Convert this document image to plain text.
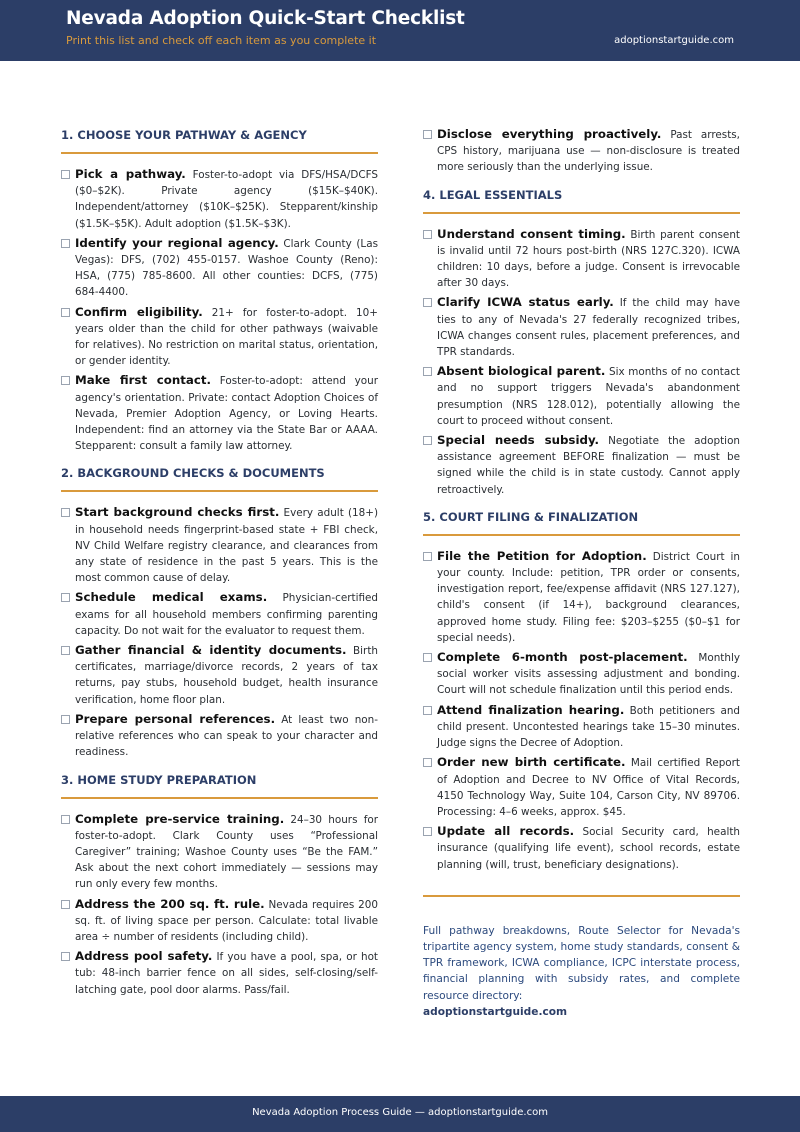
Nevada Adoption Quick-Start Checklist
Print this list and check off each item as you complete it	adoptionstartguide.com
1. CHOOSE YOUR PATHWAY & AGENCY
Pick a pathway. Foster-to-adopt via DFS/HSA/DCFS ($0–$2K). Private agency ($15K–$40K). Independent/attorney ($10K–$25K). Stepparent/kinship ($1.5K–$5K). Adult adoption ($1.5K–$3K).
Identify your regional agency. Clark County (Las Vegas): DFS, (702) 455-0157. Washoe County (Reno): HSA, (775) 785-8600. All other counties: DCFS, (775) 684-4400.
Confirm eligibility. 21+ for foster-to-adopt. 10+ years older than the child for other pathways (waivable for relatives). No restriction on marital status, orientation, or gender identity.
Make first contact. Foster-to-adopt: attend your agency's orientation. Private: contact Adoption Choices of Nevada, Premier Adoption Agency, or Loving Hearts. Independent: find an attorney via the State Bar or AAAA. Stepparent: consult a family law attorney.
2. BACKGROUND CHECKS & DOCUMENTS
Start background checks first. Every adult (18+) in household needs fingerprint-based state + FBI check, NV Child Welfare registry clearance, and clearances from any state of residence in the past 5 years. This is the most common cause of delay.
Schedule medical exams. Physician-certified exams for all household members confirming parenting capacity. Do not wait for the evaluator to request them.
Gather financial & identity documents. Birth certificates, marriage/divorce records, 2 years of tax returns, pay stubs, household budget, health insurance verification, home floor plan.
Prepare personal references. At least two non-relative references who can speak to your character and readiness.
3. HOME STUDY PREPARATION
Complete pre-service training. 24–30 hours for foster-to-adopt. Clark County uses “Professional Caregiver” training; Washoe County uses “Be the FAM.” Ask about the next cohort immediately — sessions may run only every few months.
Address the 200 sq. ft. rule. Nevada requires 200 sq. ft. of living space per person. Calculate: total livable area ÷ number of residents (including child).
Address pool safety. If you have a pool, spa, or hot tub: 48-inch barrier fence on all sides, self-closing/self-latching gate, pool door alarms. Pass/fail.
Disclose everything proactively. Past arrests, CPS history, marijuana use — non-disclosure is treated more seriously than the underlying issue.
4. LEGAL ESSENTIALS
Understand consent timing. Birth parent consent is invalid until 72 hours post-birth (NRS 127C.320). ICWA children: 10 days, before a judge. Consent is irrevocable after 30 days.
Clarify ICWA status early. If the child may have ties to any of Nevada's 27 federally recognized tribes, ICWA changes consent rules, placement preferences, and TPR standards.
Absent biological parent. Six months of no contact and no support triggers Nevada's abandonment presumption (NRS 128.012), potentially allowing the court to proceed without consent.
Special needs subsidy. Negotiate the adoption assistance agreement BEFORE finalization — must be signed while the child is in state custody. Cannot apply retroactively.
5. COURT FILING & FINALIZATION
File the Petition for Adoption. District Court in your county. Include: petition, TPR order or consents, investigation report, fee/expense affidavit (NRS 127.127), child's consent (if 14+), background clearances, approved home study. Filing fee: $203–$255 ($0–$1 for special needs).
Complete 6-month post-placement. Monthly social worker visits assessing adjustment and bonding. Court will not schedule finalization until this period ends.
Attend finalization hearing. Both petitioners and child present. Uncontested hearings take 15–30 minutes. Judge signs the Decree of Adoption.
Order new birth certificate. Mail certified Report of Adoption and Decree to NV Office of Vital Records, 4150 Technology Way, Suite 104, Carson City, NV 89706. Processing: 4–6 weeks, approx. $45.
Update all records. Social Security card, health insurance (qualifying life event), school records, estate planning (will, trust, beneficiary designations).
Full pathway breakdowns, Route Selector for Nevada's tripartite agency system, home study standards, consent & TPR framework, ICWA compliance, ICPC interstate process, financial planning with subsidy rates, and complete resource directory:
adoptionstartguide.com
Nevada Adoption Process Guide — adoptionstartguide.com
